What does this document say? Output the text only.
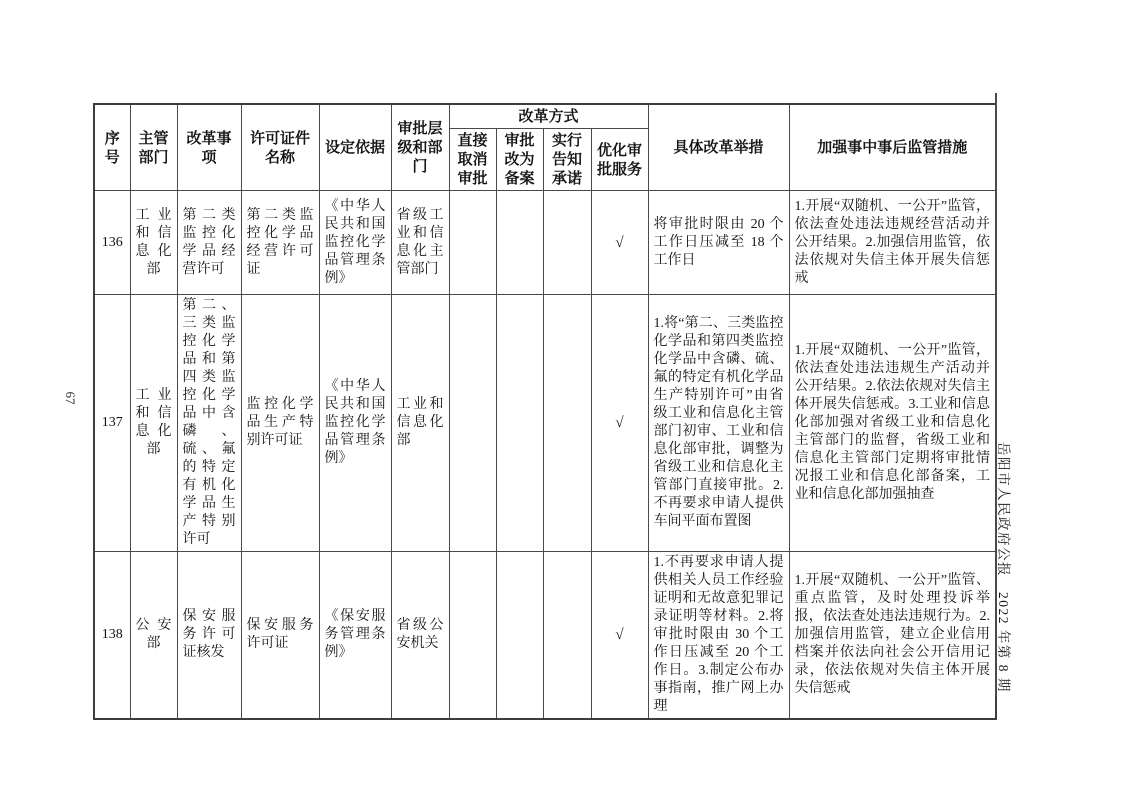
序号	主管部门	改革事项	许可证件名称	设定依据	审批层级和部门	改革方式				具体改革举措	加强事中事后监管措施
						直接取消审批	审批改为备案	实行告知承诺	优化审批服务		
136	工业和信息化部	第二类监控化学品经营许可	第二类监控化学品经营许可证	《中华人民共和国监控化学品管理条例》	省级工业和信息化主管部门				√	将审批时限由 20 个工作日压减至 18 个工作日	1.开展“双随机、一公开”监管，依法查处违法违规经营活动并公开结果。2.加强信用监管，依法依规对失信主体开展失信惩戒
137	工业和信息化部	第二、三类监控化学品和第四类监控化学品中含磷、硫、氟的特定有机化学品生产特别许可	监控化学品生产特别许可证	《中华人民共和国监控化学品管理条例》	工业和信息化部				√	1.将“第二、三类监控化学品和第四类监控化学品中含磷、硫、氟的特定有机化学品生产特别许可”由省级工业和信息化主管部门初审、工业和信息化部审批，调整为省级工业和信息化主管部门直接审批。2.不再要求申请人提供车间平面布置图	1.开展“双随机、一公开”监管，依法查处违法违规生产活动并公开结果。2.依法依规对失信主体开展失信惩戒。3.工业和信息化部加强对省级工业和信息化主管部门的监督，省级工业和信息化主管部门定期将审批情况报工业和信息化部备案，工业和信息化部加强抽查
138	公安部	保安服务许可证核发	保安服务许可证	《保安服务管理条例》	省级公安机关				√	1.不再要求申请人提供相关人员工作经验证明和无故意犯罪记录证明等材料。2.将审批时限由 30 个工作日压减至 20 个工作日。3.制定公布办事指南，推广网上办理	1.开展“双随机、一公开”监管、重点监管，及时处理投诉举报，依法查处违法违规行为。2.加强信用监管，建立企业信用档案并依法向社会公开信用记录，依法依规对失信主体开展失信惩戒	岳阳市人民政府公报　2022 年第 8 期
67
